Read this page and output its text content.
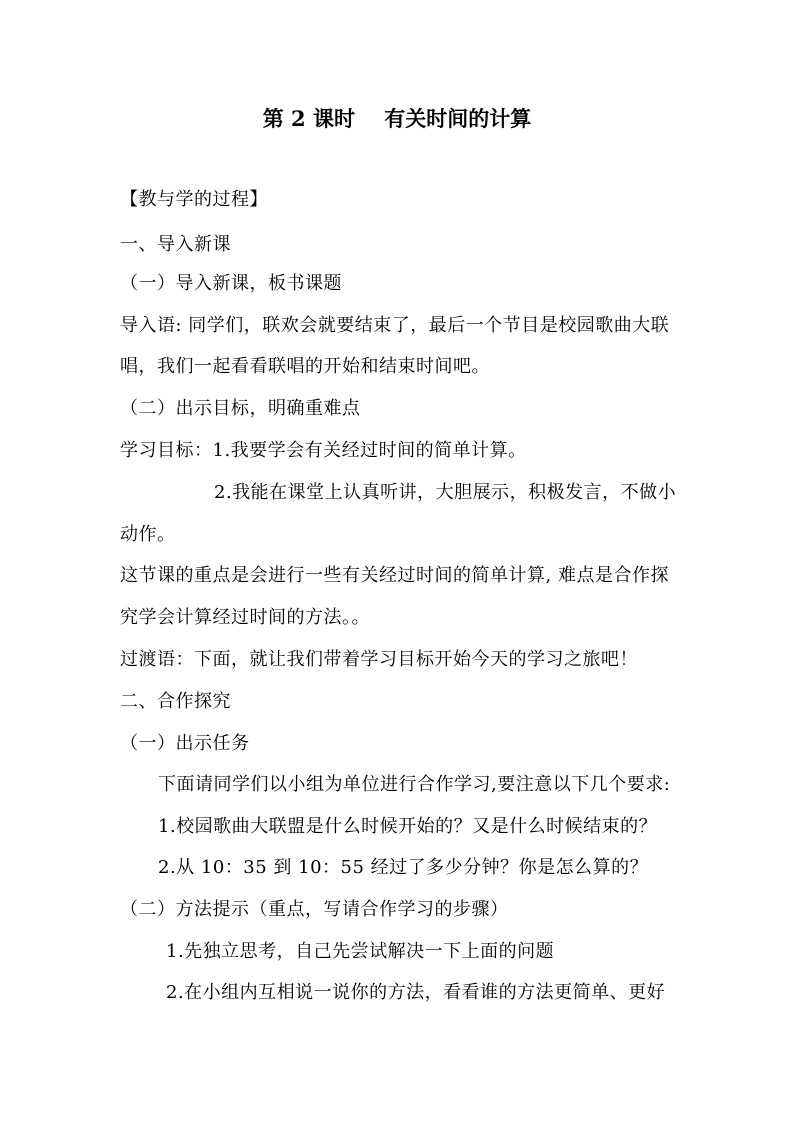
第 2 课时    有关时间的计算
【教与学的过程】
一、导入新课
（一）导入新课，板书课题
导入语: 同学们，联欢会就要结束了，最后一个节目是校园歌曲大联
唱，我们一起看看联唱的开始和结束时间吧。
（二）出示目标，明确重难点
学习目标：1.我要学会有关经过时间的简单计算。
2.我能在课堂上认真听讲，大胆展示，积极发言，不做小
动作。
这节课的重点是会进行一些有关经过时间的简单计算, 难点是合作探
究学会计算经过时间的方法。。
过渡语：下面，就让我们带着学习目标开始今天的学习之旅吧！
二、合作探究
（一）出示任务
下面请同学们以小组为单位进行合作学习,要注意以下几个要求:
1.校园歌曲大联盟是什么时候开始的？又是什么时候结束的？
2.从 10：35 到 10：55 经过了多少分钟？你是怎么算的？
（二）方法提示（重点，写请合作学习的步骤）
1.先独立思考，自己先尝试解决一下上面的问题
2.在小组内互相说一说你的方法，看看谁的方法更简单、更好
